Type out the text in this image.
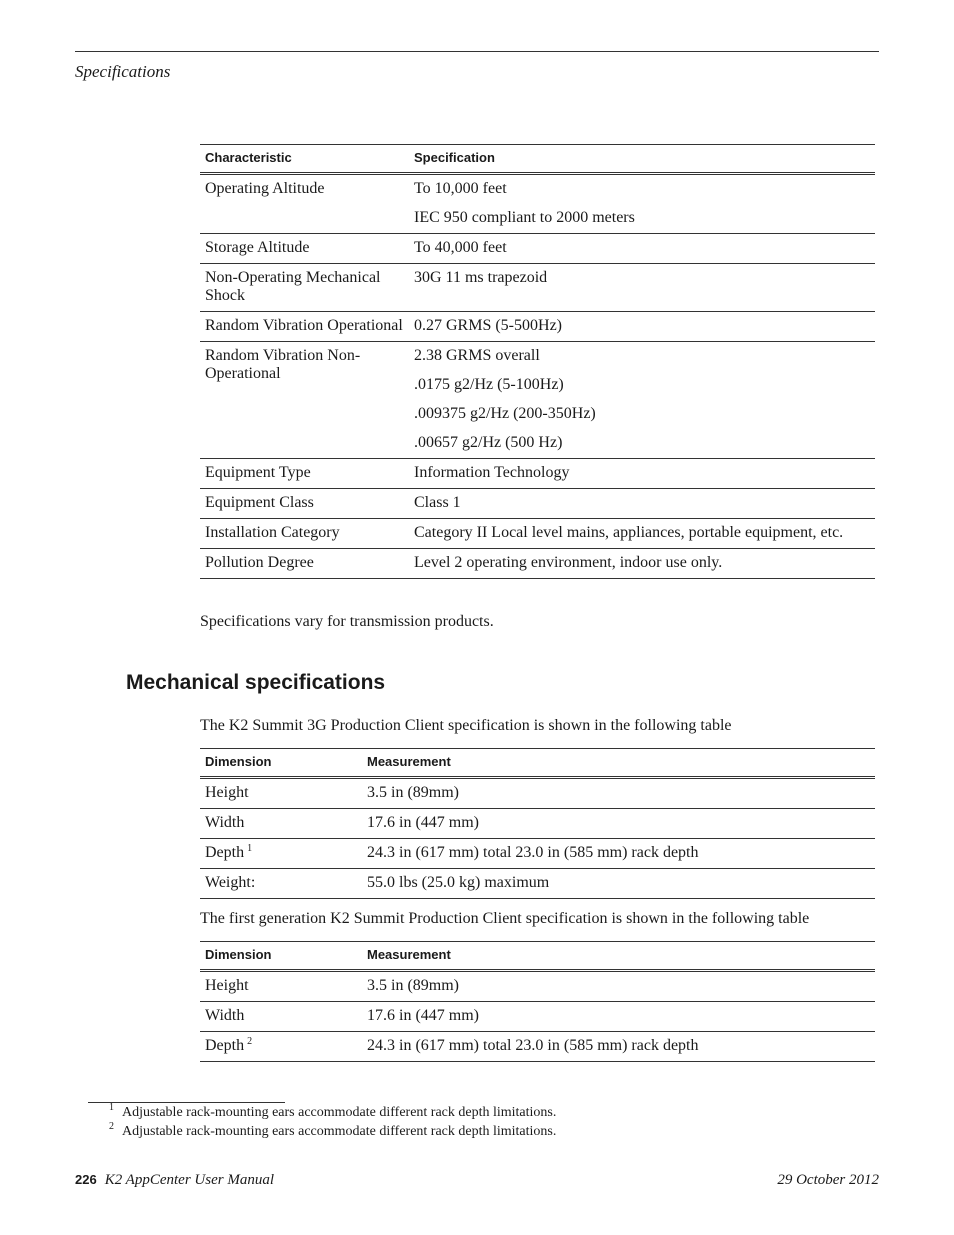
Specifications
Characteristic	Specification
Operating Altitude	To 10,000 feet

IEC 950 compliant to 2000 meters

Storage Altitude	To 40,000 feet

Non-Operating Mechanical Shock	30G 11 ms trapezoid

Random Vibration Operational	0.27 GRMS (5-500Hz)

Random Vibration Non-Operational	2.38 GRMS overall

.0175 g2/Hz (5-100Hz)

.009375 g2/Hz (200-350Hz)

.00657 g2/Hz (500 Hz)

Equipment Type	Information Technology

Equipment Class	Class 1

Installation Category	Category II Local level mains, appliances, portable equipment, etc.

Pollution Degree	Level 2 operating environment, indoor use only.

Specifications vary for transmission products.
Mechanical specifications
The K2 Summit 3G Production Client specification is shown in the following table
Dimension	Measurement
Height	3.5 in (89mm)
Width	17.6 in (447 mm)
Depth $^1$	24.3 in (617 mm) total 23.0 in (585 mm) rack depth
Weight:	55.0 lbs (25.0 kg) maximum
The first generation K2 Summit Production Client specification is shown in the following table
Dimension	Measurement
Height	3.5 in (89mm)
Width	17.6 in (447 mm)
Depth $^2$	24.3 in (617 mm) total 23.0 in (585 mm) rack depth
$^1$ Adjustable rack-mounting ears accommodate different rack depth limitations.
$^2$ Adjustable rack-mounting ears accommodate different rack depth limitations.
226 K2 AppCenter User Manual	29 October 2012
